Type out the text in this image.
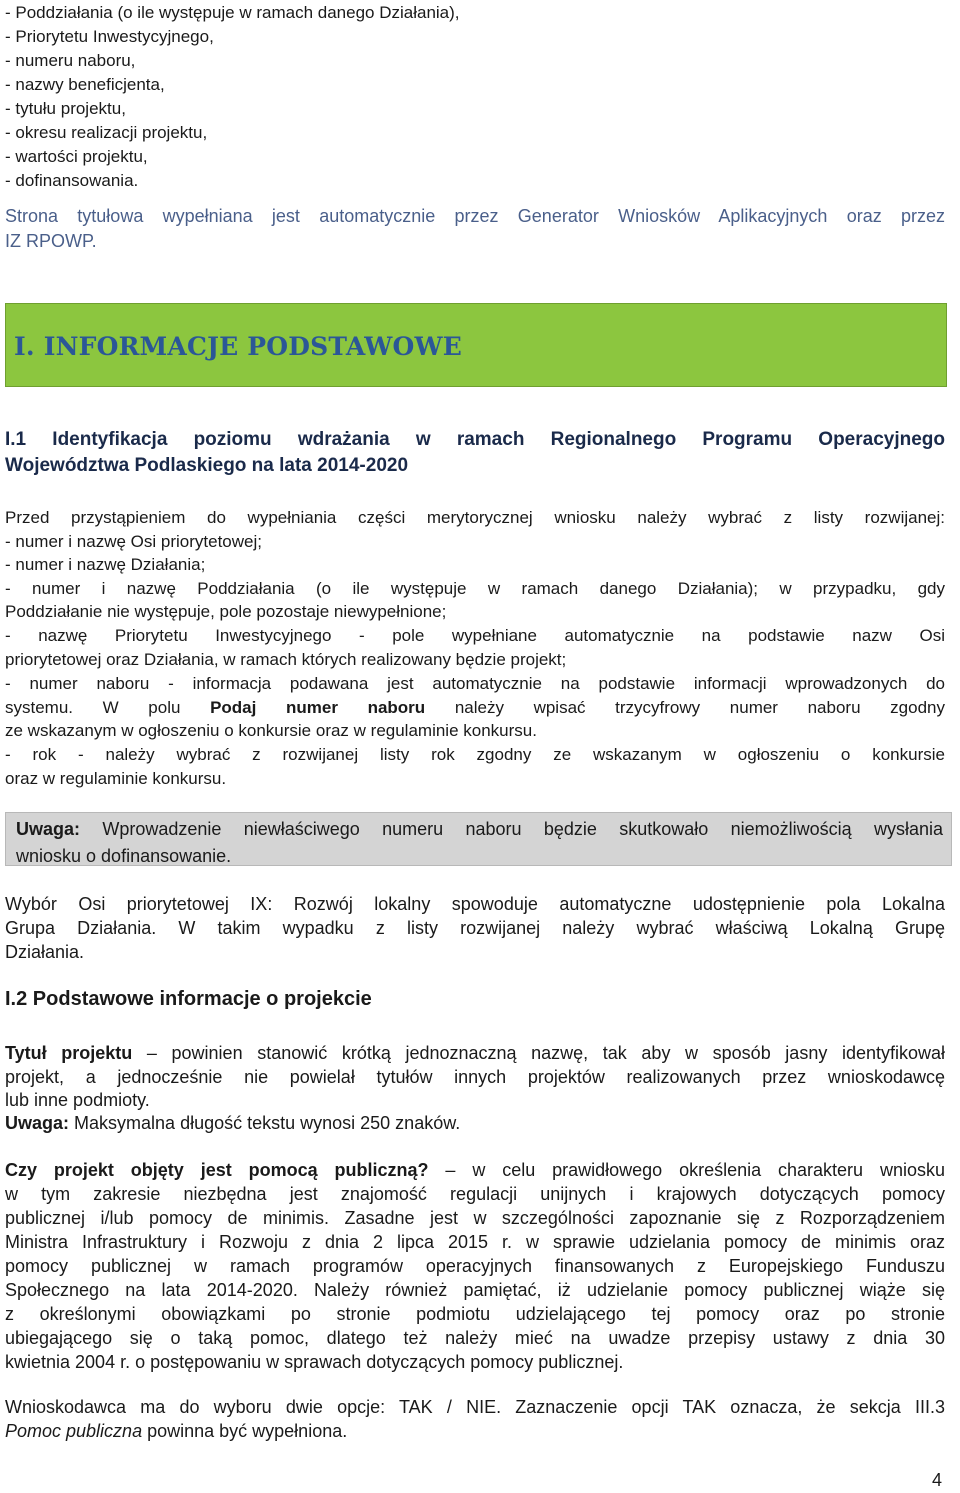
- Poddziałania (o ile występuje w ramach danego Działania),
- Priorytetu Inwestycyjnego,
- numeru naboru,
- nazwy beneficjenta,
- tytułu projektu,
- okresu realizacji projektu,
- wartości projektu,
- dofinansowania.
Strona tytułowa wypełniana jest automatycznie przez Generator Wniosków Aplikacyjnych oraz przez
IZ RPOWP.
I. INFORMACJE PODSTAWOWE
I.1 Identyfikacja poziomu wdrażania w ramach Regionalnego Programu Operacyjnego
Województwa Podlaskiego na lata 2014-2020
Przed przystąpieniem do wypełniania części merytorycznej wniosku należy wybrać z listy rozwijanej:
- numer i nazwę Osi priorytetowej;
- numer i nazwę Działania;
- numer i nazwę Poddziałania (o ile występuje w ramach danego Działania); w przypadku, gdy
Poddziałanie nie występuje, pole pozostaje niewypełnione;
- nazwę Priorytetu Inwestycyjnego - pole wypełniane automatycznie na podstawie nazw Osi
priorytetowej oraz Działania, w ramach których realizowany będzie projekt;
- numer naboru - informacja podawana jest automatycznie na podstawie informacji wprowadzonych do
systemu. W polu Podaj numer naboru należy wpisać trzycyfrowy numer naboru zgodny
ze wskazanym w ogłoszeniu o konkursie oraz w regulaminie konkursu.
- rok - należy wybrać z rozwijanej listy rok zgodny ze wskazanym w ogłoszeniu o konkursie
oraz w regulaminie konkursu.
Uwaga: Wprowadzenie niewłaściwego numeru naboru będzie skutkowało niemożliwością wysłania
wniosku o dofinansowanie.
Wybór Osi priorytetowej IX: Rozwój lokalny spowoduje automatyczne udostępnienie pola Lokalna
Grupa Działania. W takim wypadku z listy rozwijanej należy wybrać właściwą Lokalną Grupę
Działania.
I.2 Podstawowe informacje o projekcie
Tytuł projektu – powinien stanowić krótką jednoznaczną nazwę, tak aby w sposób jasny identyfikował
projekt, a jednocześnie nie powielał tytułów innych projektów realizowanych przez wnioskodawcę
lub inne podmioty.
Uwaga: Maksymalna długość tekstu wynosi 250 znaków.
Czy projekt objęty jest pomocą publiczną? – w celu prawidłowego określenia charakteru wniosku
w tym zakresie niezbędna jest znajomość regulacji unijnych i krajowych dotyczących pomocy
publicznej i/lub pomocy de minimis. Zasadne jest w szczególności zapoznanie się z Rozporządzeniem
Ministra Infrastruktury i Rozwoju z dnia 2 lipca 2015 r. w sprawie udzielania pomocy de minimis oraz
pomocy publicznej w ramach programów operacyjnych finansowanych z Europejskiego Funduszu
Społecznego na lata 2014-2020. Należy również pamiętać, iż udzielanie pomocy publicznej wiąże się
z określonymi obowiązkami po stronie podmiotu udzielającego tej pomocy oraz po stronie
ubiegającego się o taką pomoc, dlatego też należy mieć na uwadze przepisy ustawy z dnia 30
kwietnia 2004 r. o postępowaniu w sprawach dotyczących pomocy publicznej.
Wnioskodawca ma do wyboru dwie opcje: TAK / NIE. Zaznaczenie opcji TAK oznacza, że sekcja III.3
Pomoc publiczna powinna być wypełniona.
4
